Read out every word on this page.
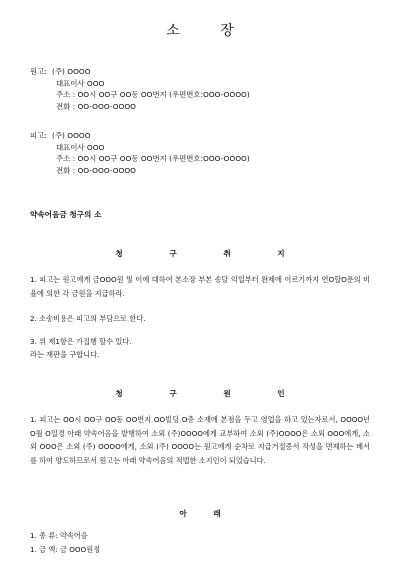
소 장
원고: (주) OOOO
대표이사 OOO
주소 : OO시 OO구 OO동 OO번지 (우편번호:OOO-OOOO)
전화 : OO-OOO-OOOO
피고: (주) OOOO
대표이사 OOO
주소 : OO시 OO구 OO동 OO번지 (우편번호:OOO-OOOO)
전화 : OO-OOO-OOOO
약속어음금 청구의 소
청 구 취 지
1. 피고는 원고에게 금OOO원 및 이에 대하여 본소장 부본 송달 익일부터 완제에 이르기까지 연O할O푼의 비율에 의한 각 금원을 지급하라.
2. 소송비용은 피고의 부담으로 한다.
3. 위 제1항은 가집행 할수 있다.
라는 재판을 구합니다.
청 구 원 인
1. 피고는 OO시 OO구 OO동 OO번지 OO빌딩 O층 소재에 본점을 두고 영업을 하고 있는자로서, OOOO년 O월 O일경 아래 약속어음을 발행하여 소외 (주)OOOO에게 교부하여 소외 (주)OOOO은 소외 OOO에게, 소외 OOO은 소외 (주) OOOO에게, 소외 (주) OOOO는 원고에게 순차로 지급거절증서 작성을 면제하는 배서를 하여 양도하므로서 원고는 아래 약속어음의 적법한 소지인이 되었습니다.
아 래
1. 종 류: 약속어음
1. 금 액: 금 OOO원정
